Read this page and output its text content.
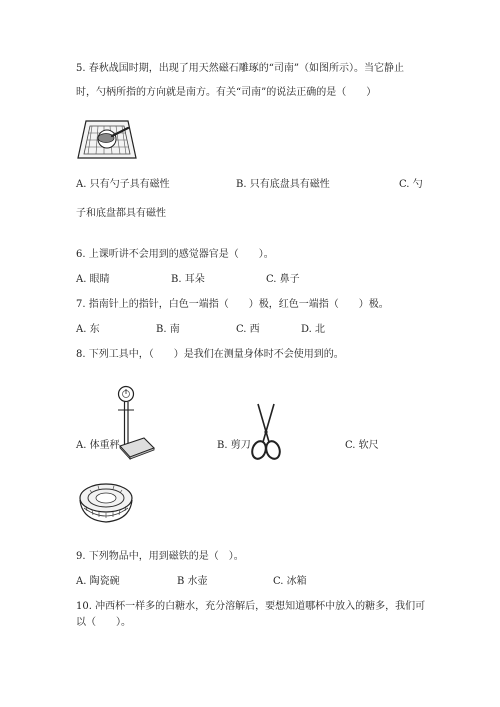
5. 春秋战国时期，出现了用天然磁石雕琢的“司南”（如图所示）。当它静止
时，勺柄所指的方向就是南方。有关“司南”的说法正确的是（　　）
A. 只有勺子具有磁性	B. 只有底盘具有磁性	C. 勺
子和底盘都具有磁性
6. 上课听讲不会用到的感觉器官是（　　）。
A. 眼睛	B. 耳朵	C. 鼻子
7. 指南针上的指针，白色一端指（　　）极，红色一端指（　　）极。
A. 东	B. 南	C. 西	D. 北
8. 下列工具中，（　　）是我们在测量身体时不会使用到的。
A. 体重秤	B. 剪刀	C. 软尺
9. 下列物品中，用到磁铁的是（　）。
A. 陶瓷碗	B 水壶	C. 冰箱
10. 冲西杯一样多的白糖水，充分溶解后，要想知道哪杯中放入的糖多，我们可
以（　　）。
